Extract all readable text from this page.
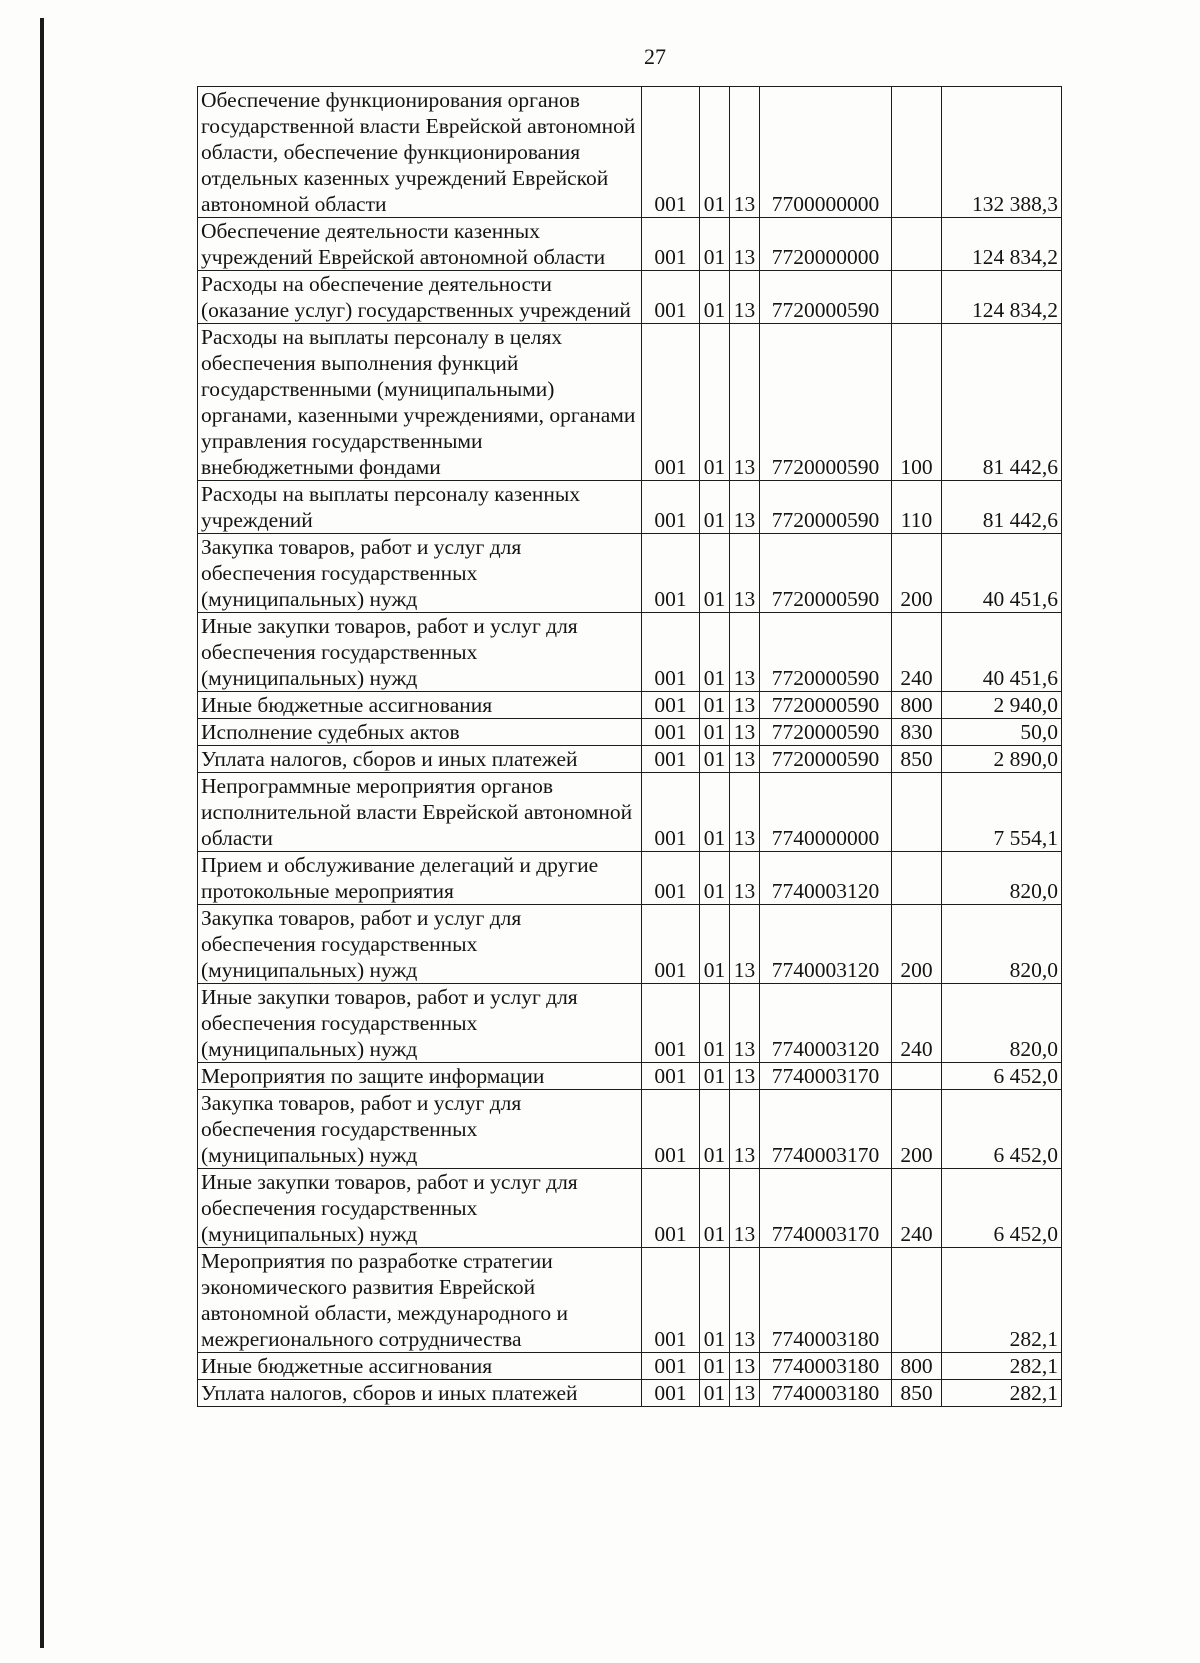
27
Обеспечение функционирования органов государственной власти Еврейской автономной области, обеспечение функционирования отдельных казенных учреждений Еврейской автономной области	001	01	13	7700000000		132 388,3
Обеспечение деятельности казенных учреждений Еврейской автономной области	001	01	13	7720000000		124 834,2
Расходы на обеспечение деятельности (оказание услуг) государственных учреждений	001	01	13	7720000590		124 834,2
Расходы на выплаты персоналу в целях обеспечения выполнения функций государственными (муниципальными) органами, казенными учреждениями, органами управления государственными внебюджетными фондами	001	01	13	7720000590	100	81 442,6
Расходы на выплаты персоналу казенных учреждений	001	01	13	7720000590	110	81 442,6
Закупка товаров, работ и услуг для обеспечения государственных (муниципальных) нужд	001	01	13	7720000590	200	40 451,6
Иные закупки товаров, работ и услуг для обеспечения государственных (муниципальных) нужд	001	01	13	7720000590	240	40 451,6
Иные бюджетные ассигнования	001	01	13	7720000590	800	2 940,0
Исполнение судебных актов	001	01	13	7720000590	830	50,0
Уплата налогов, сборов и иных платежей	001	01	13	7720000590	850	2 890,0
Непрограммные мероприятия органов исполнительной власти Еврейской автономной области	001	01	13	7740000000		7 554,1
Прием и обслуживание делегаций и другие протокольные мероприятия	001	01	13	7740003120		820,0
Закупка товаров, работ и услуг для обеспечения государственных (муниципальных) нужд	001	01	13	7740003120	200	820,0
Иные закупки товаров, работ и услуг для обеспечения государственных (муниципальных) нужд	001	01	13	7740003120	240	820,0
Мероприятия по защите информации	001	01	13	7740003170		6 452,0
Закупка товаров, работ и услуг для обеспечения государственных (муниципальных) нужд	001	01	13	7740003170	200	6 452,0
Иные закупки товаров, работ и услуг для обеспечения государственных (муниципальных) нужд	001	01	13	7740003170	240	6 452,0
Мероприятия по разработке стратегии экономического развития Еврейской автономной области, международного и межрегионального сотрудничества	001	01	13	7740003180		282,1
Иные бюджетные ассигнования	001	01	13	7740003180	800	282,1
Уплата налогов, сборов и иных платежей	001	01	13	7740003180	850	282,1
